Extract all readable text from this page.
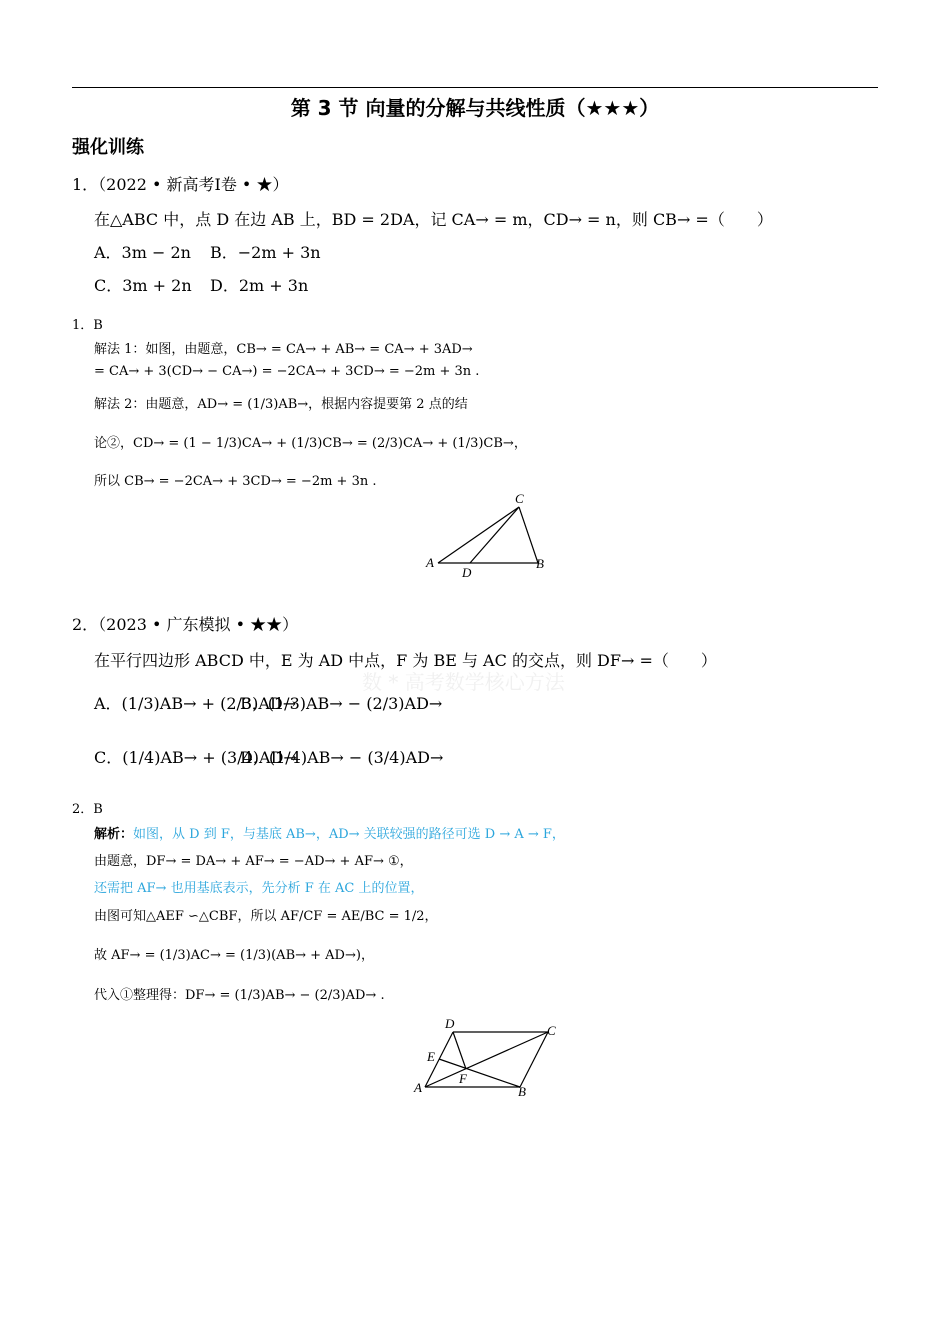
第 3 节 向量的分解与共线性质（★★★）
强化训练
1．（2022 • 新高考Ⅰ卷 • ★）
在△ABC 中，点 D 在边 AB 上，BD = 2DA，记 CA→ = m，CD→ = n，则 CB→ =（　　）
A．3m − 2n B．−2m + 3n
C．3m + 2n D．2m + 3n
1．B
解法 1：如图，由题意，CB→ = CA→ + AB→ = CA→ + 3AD→
= CA→ + 3(CD→ − CA→) = −2CA→ + 3CD→ = −2m + 3n .
解法 2：由题意，AD→ = (1/3)AB→，根据内容提要第 2 点的结
论②，CD→ = (1 − 1/3)CA→ + (1/3)CB→ = (2/3)CA→ + (1/3)CB→，
所以 CB→ = −2CA→ + 3CD→ = −2m + 3n .
A	B
C
D
2．（2023 • 广东模拟 • ★★）
在平行四边形 ABCD 中，E 为 AD 中点，F 为 BE 与 AC 的交点，则 DF→ =（　　）
数 * 高考数学核心方法
A．(1/3)AB→ + (2/3)AD→
B．(1/3)AB→ − (2/3)AD→
C．(1/4)AB→ + (3/4)AD→
D．(1/4)AB→ − (3/4)AD→
2．B
解析：如图，从 D 到 F，与基底 AB→，AD→ 关联较强的路径可选 D → A → F，
由题意，DF→ = DA→ + AF→ = −AD→ + AF→ ①，
还需把 AF→ 也用基底表示，先分析 F 在 AC 上的位置，
由图可知△AEF ∽△CBF，所以 AF/CF = AE/BC = 1/2，
故 AF→ = (1/3)AC→ = (1/3)(AB→ + AD→)，
代入①整理得：DF→ = (1/3)AB→ − (2/3)AD→ .
A	B
C
D
E
F
